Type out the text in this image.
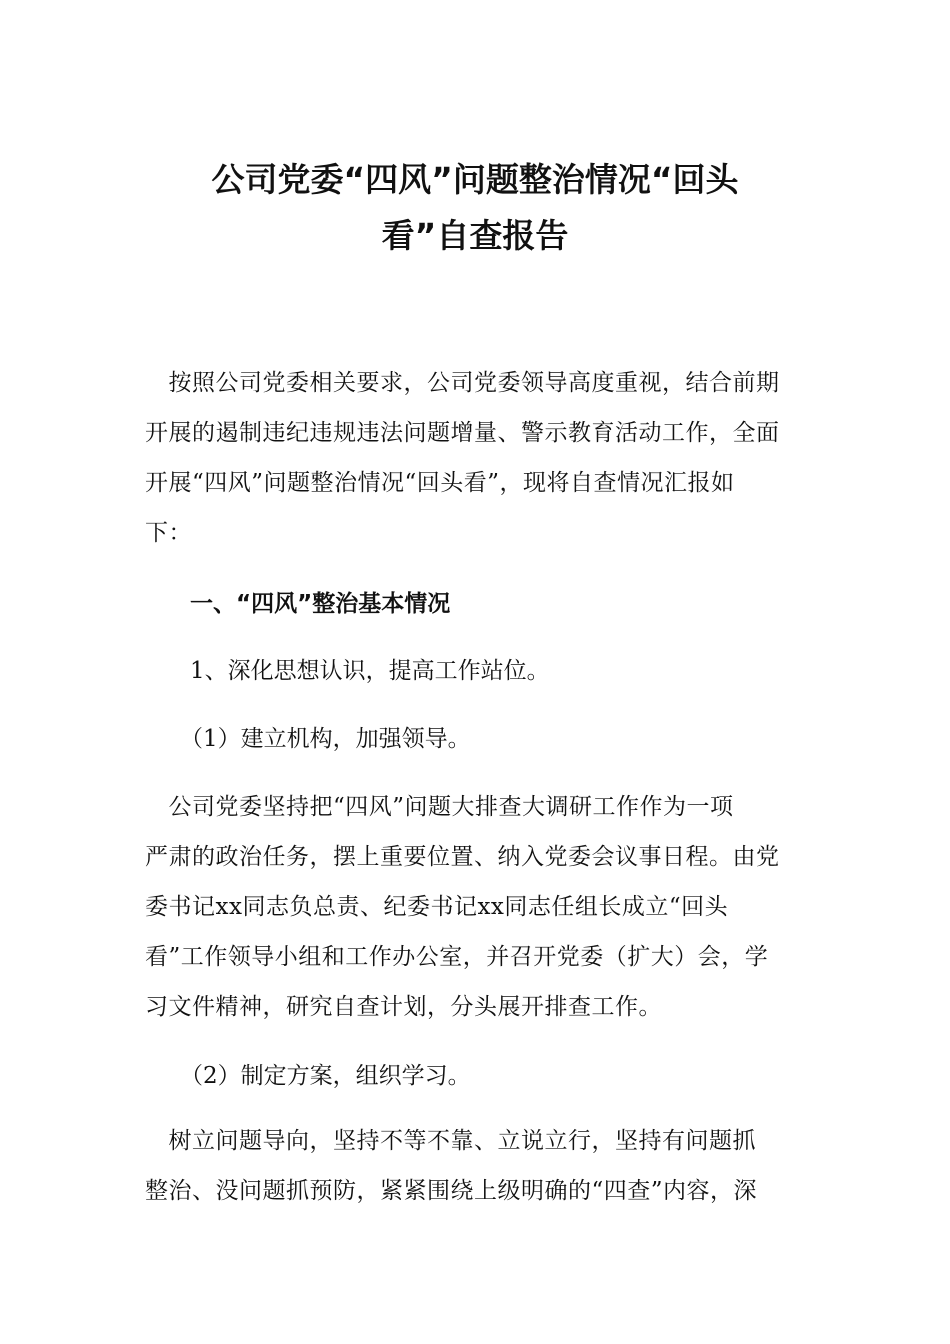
公司党委“四风”问题整治情况“回头
看”自查报告

　按照公司党委相关要求，公司党委领导高度重视，结合前期
开展的遏制违纪违规违法问题增量、警示教育活动工作，全面
开展“四风”问题整治情况“回头看”，现将自查情况汇报如
下：

一、“四风”整治基本情况

1、深化思想认识，提高工作站位。

（1）建立机构，加强领导。

　公司党委坚持把“四风”问题大排查大调研工作作为一项
严肃的政治任务，摆上重要位置、纳入党委会议事日程。由党
委书记xx同志负总责、纪委书记xx同志任组长成立“回头
看”工作领导小组和工作办公室，并召开党委（扩大）会，学
习文件精神，研究自查计划，分头展开排查工作。

（2）制定方案，组织学习。

　树立问题导向，坚持不等不靠、立说立行，坚持有问题抓
整治、没问题抓预防，紧紧围绕上级明确的“四查”内容，深
